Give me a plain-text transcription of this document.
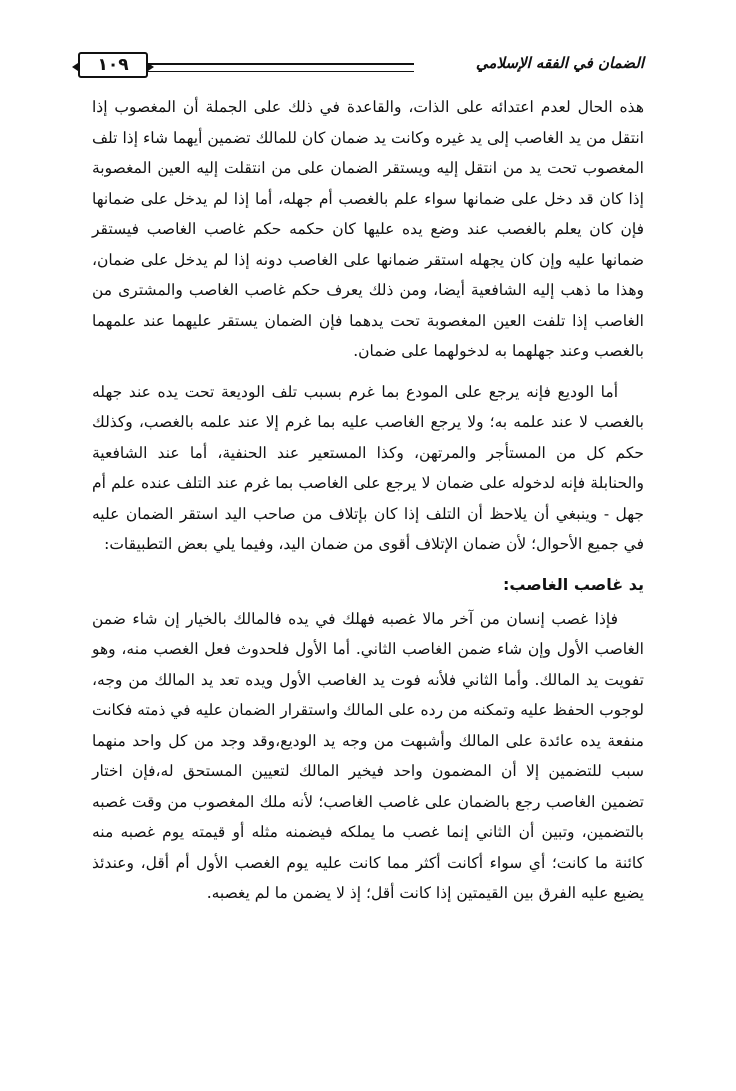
الضمان في الفقه الإسلامي
١٠٩

هذه الحال لعدم اعتدائه على الذات، والقاعدة في ذلك على الجملة أن المغصوب إذا انتقل من يد الغاصب إلى يد غيره وكانت يد ضمان كان للمالك تضمين أيهما شاء إذا تلف المغصوب تحت يد من انتقل إليه ويستقر الضمان على من انتقلت إليه العين المغصوبة إذا كان قد دخل على ضمانها سواء علم بالغصب أم جهله، أما إذا لم يدخل على ضمانها فإن كان يعلم بالغصب عند وضع يده عليها كان حكمه حكم غاصب الغاصب فيستقر ضمانها عليه وإن كان يجهله استقر ضمانها على الغاصب دونه إذا لم يدخل على ضمان، وهذا ما ذهب إليه الشافعية أيضا، ومن ذلك يعرف حكم غاصب الغاصب والمشترى من الغاصب إذا تلفت العين المغصوبة تحت يدهما فإن الضمان يستقر عليهما عند علمهما بالغصب وعند جهلهما به لدخولهما على ضمان.

أما الوديع فإنه يرجع على المودع بما غرم بسبب تلف الوديعة تحت يده عند جهله بالغصب لا عند علمه به؛ ولا يرجع الغاصب عليه بما غرم إلا عند علمه بالغصب، وكذلك حكم كل من المستأجر والمرتهن، وكذا المستعير عند الحنفية، أما عند الشافعية والحنابلة فإنه لدخوله على ضمان لا يرجع على الغاصب بما غرم عند التلف عنده علم أم جهل - وينبغي أن يلاحظ أن التلف إذا كان بإتلاف من صاحب اليد استقر الضمان عليه في جميع الأحوال؛ لأن ضمان الإتلاف أقوى من ضمان اليد، وفيما يلي بعض التطبيقات:

يد غاصب الغاصب:

فإذا غصب إنسان من آخر مالا غصبه فهلك في يده فالمالك بالخيار إن شاء ضمن الغاصب الأول وإن شاء ضمن الغاصب الثاني. أما الأول فلحدوث فعل الغصب منه، وهو تفويت يد المالك. وأما الثاني فلأنه فوت يد الغاصب الأول ويده تعد يد المالك من وجه، لوجوب الحفظ عليه وتمكنه من رده على المالك واستقرار الضمان عليه في ذمته فكانت منفعة يده عائدة على المالك وأشبهت من وجه يد الوديع،وقد وجد من كل واحد منهما سبب للتضمين إلا أن المضمون واحد فيخير المالك لتعيين المستحق له،فإن اختار تضمين الغاصب رجع بالضمان على غاصب الغاصب؛ لأنه ملك المغصوب من وقت غصبه بالتضمين، وتبين أن الثاني إنما غصب ما يملكه فيضمنه مثله أو قيمته يوم غصبه منه كائنة ما كانت؛ أي سواء أكانت أكثر مما كانت عليه يوم الغصب الأول أم أقل، وعندئذ يضيع عليه الفرق بين القيمتين إذا كانت أقل؛ إذ لا يضمن ما لم يغصبه.
